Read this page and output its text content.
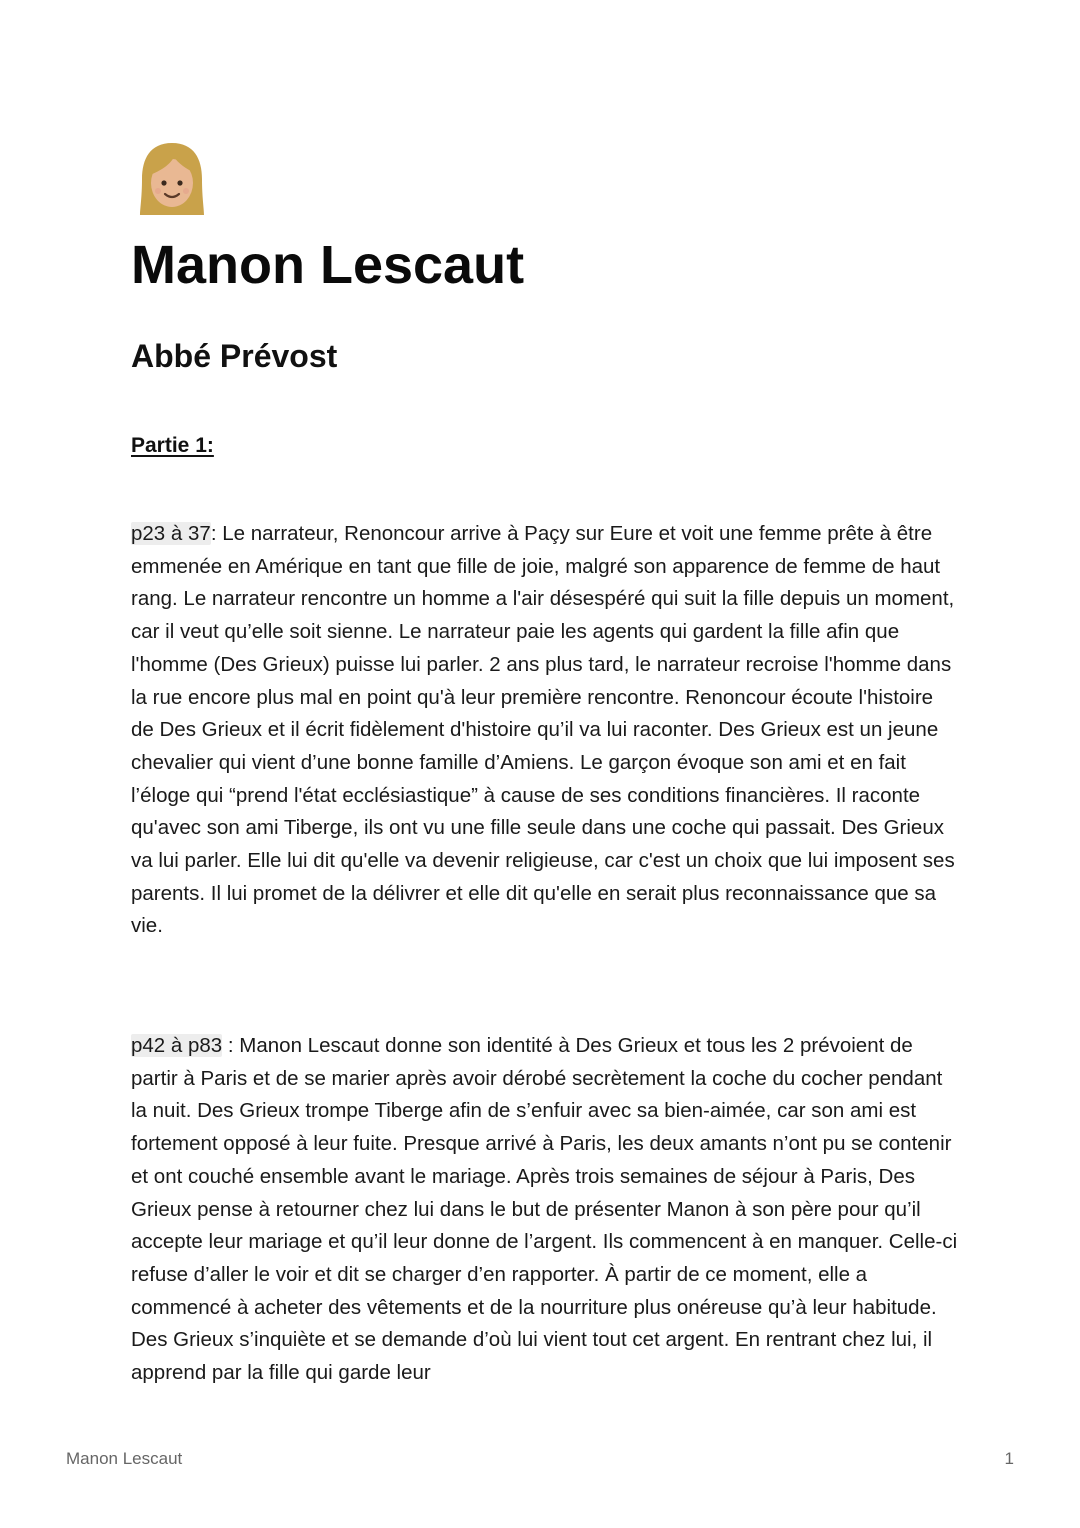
Manon Lescaut
Abbé Prévost
Partie 1:

p23 à 37: Le narrateur, Renoncour arrive à Paçy sur Eure et voit une femme prête à être emmenée en Amérique en tant que fille de joie, malgré son apparence de femme de haut rang. Le narrateur rencontre un homme a l'air désespéré qui suit la fille depuis un moment, car il veut qu’elle soit sienne. Le narrateur paie les agents qui gardent la fille afin que l'homme (Des Grieux) puisse lui parler. 2 ans plus tard, le narrateur recroise l'homme dans la rue encore plus mal en point qu'à leur première rencontre. Renoncour écoute l'histoire de Des Grieux et il écrit fidèlement d'histoire qu’il va lui raconter. Des Grieux est un jeune chevalier qui vient d’une bonne famille d’Amiens. Le garçon évoque son ami et en fait l’éloge qui “prend l'état ecclésiastique” à cause de ses conditions financières. Il raconte qu'avec son ami Tiberge, ils ont vu une fille seule dans une coche qui passait. Des Grieux va lui parler. Elle lui dit qu'elle va devenir religieuse, car c'est un choix que lui imposent ses parents. Il lui promet de la délivrer et elle dit qu'elle en serait plus reconnaissance que sa vie.

p42 à p83 : Manon Lescaut donne son identité à Des Grieux et tous les 2 prévoient de partir à Paris et de se marier après avoir dérobé secrètement la coche du cocher pendant la nuit. Des Grieux trompe Tiberge afin de s’enfuir avec sa bien-aimée, car son ami est fortement opposé à leur fuite. Presque arrivé à Paris, les deux amants n’ont pu se contenir et ont couché ensemble avant le mariage. Après trois semaines de séjour à Paris, Des Grieux pense à retourner chez lui dans le but de présenter Manon à son père pour qu’il accepte leur mariage et qu’il leur donne de l’argent. Ils commencent à en manquer. Celle-ci refuse d’aller le voir et dit se charger d’en rapporter. À partir de ce moment, elle a commencé à acheter des vêtements et de la nourriture plus onéreuse qu’à leur habitude. Des Grieux s’inquiète et se demande d’où lui vient tout cet argent. En rentrant chez lui, il apprend par la fille qui garde leur

Manon Lescaut	1
